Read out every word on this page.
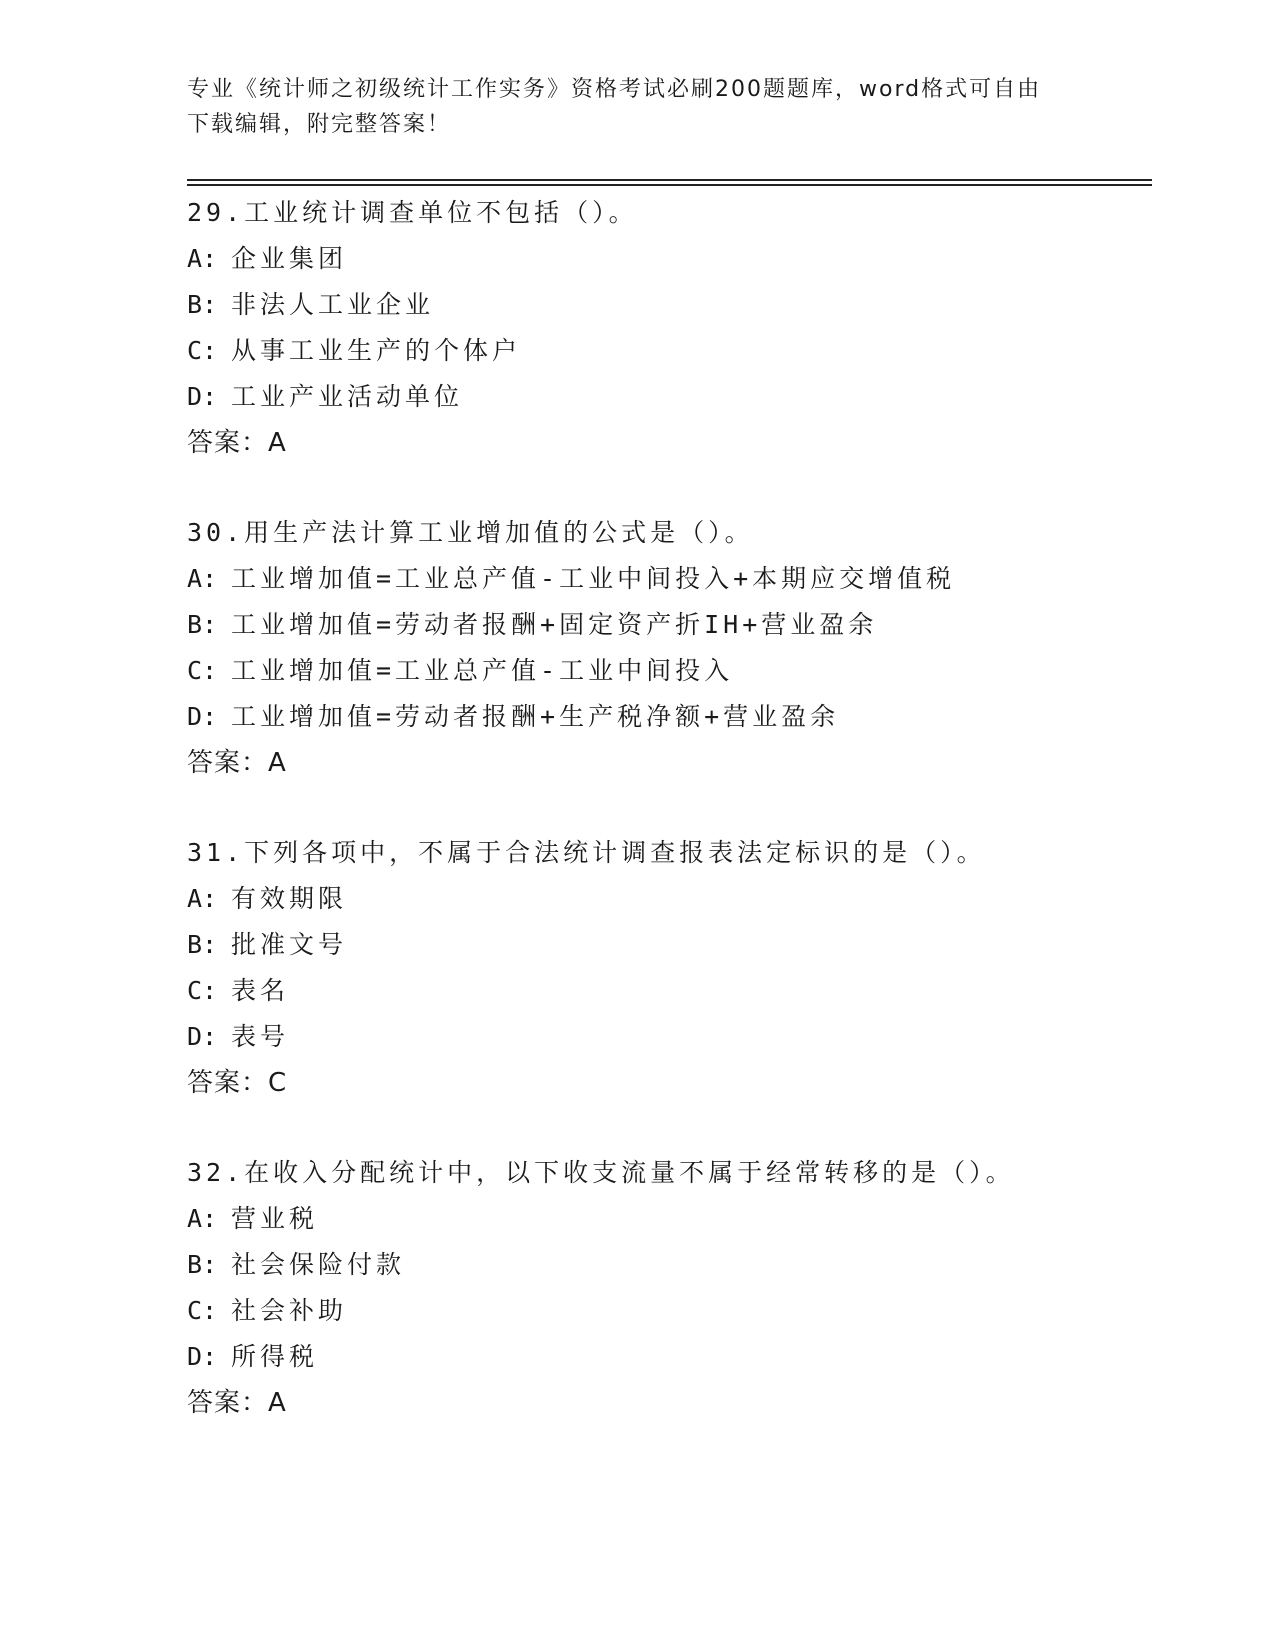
专业《统计师之初级统计工作实务》资格考试必刷200题题库，word格式可自由
下载编辑，附完整答案！
29.工业统计调查单位不包括（）。
A: 企业集团
B: 非法人工业企业
C: 从事工业生产的个体户
D: 工业产业活动单位
答案：A
30.用生产法计算工业增加值的公式是（）。
A: 工业增加值=工业总产值-工业中间投入+本期应交增值税
B: 工业增加值=劳动者报酬+固定资产折IH+营业盈余
C: 工业增加值=工业总产值-工业中间投入
D: 工业增加值=劳动者报酬+生产税净额+营业盈余
答案：A
31.下列各项中，不属于合法统计调查报表法定标识的是（）。
A: 有效期限
B: 批准文号
C: 表名
D: 表号
答案：C
32.在收入分配统计中，以下收支流量不属于经常转移的是（）。
A: 营业税
B: 社会保险付款
C: 社会补助
D: 所得税
答案：A
